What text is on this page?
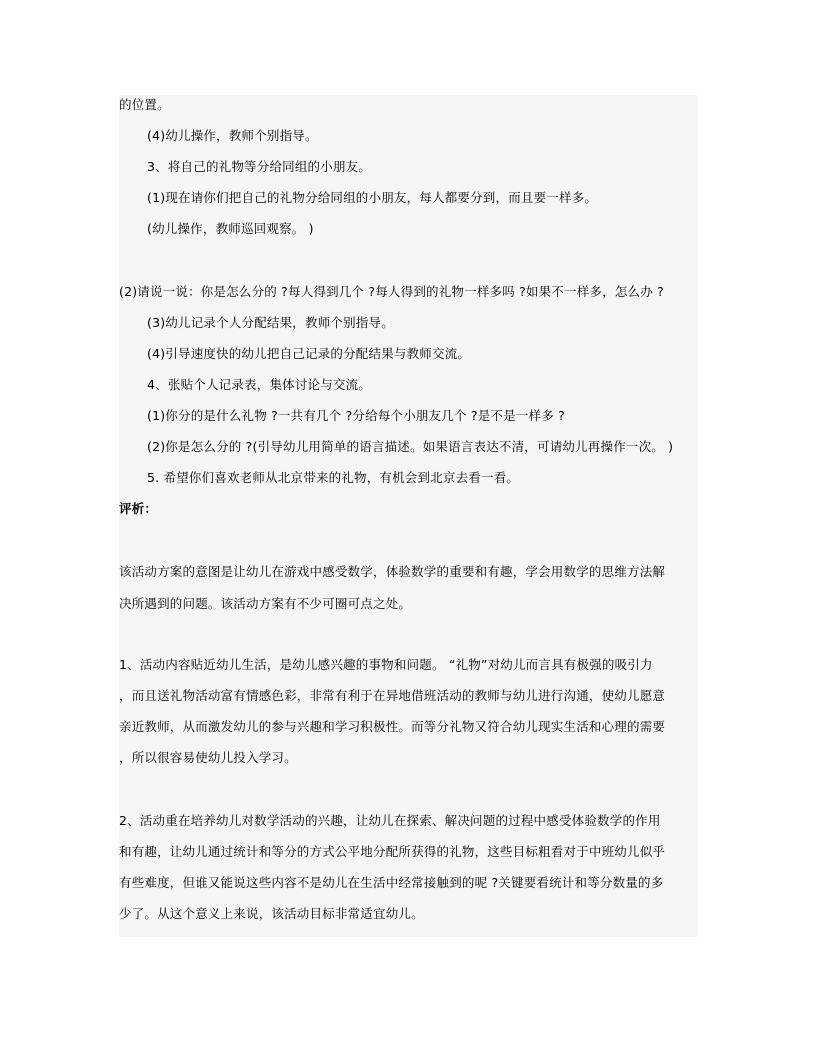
的位置。
(4)幼儿操作，教师个别指导。
3、将自己的礼物等分给同组的小朋友。
(1)现在请你们把自己的礼物分给同组的小朋友，每人都要分到，而且要一样多。
(幼儿操作，教师巡回观察。 )
(2)请说一说：你是怎么分的 ?每人得到几个 ?每人得到的礼物一样多吗 ?如果不一样多，怎么办 ?
(3)幼儿记录个人分配结果，教师个别指导。
(4)引导速度快的幼儿把自己记录的分配结果与教师交流。
4、张贴个人记录表，集体讨论与交流。
(1)你分的是什么礼物 ?一共有几个 ?分给每个小朋友几个 ?是不是一样多 ?
(2)你是怎么分的 ?(引导幼儿用简单的语言描述。如果语言表达不清，可请幼儿再操作一次。 )
5. 希望你们喜欢老师从北京带来的礼物，有机会到北京去看一看。
评析：
该活动方案的意图是让幼儿在游戏中感受数学，体验数学的重要和有趣，学会用数学的思维方法解
决所遇到的问题。该活动方案有不少可圈可点之处。
1、活动内容贴近幼儿生活，是幼儿感兴趣的事物和问题。 “礼物”对幼儿而言具有极强的吸引力
，而且送礼物活动富有情感色彩，非常有利于在异地借班活动的教师与幼儿进行沟通，使幼儿愿意
亲近教师，从而激发幼儿的参与兴趣和学习积极性。而等分礼物又符合幼儿现实生活和心理的需要
，所以很容易使幼儿投入学习。
2、活动重在培养幼儿对数学活动的兴趣，让幼儿在探索、解决问题的过程中感受体验数学的作用
和有趣，让幼儿通过统计和等分的方式公平地分配所获得的礼物，这些目标粗看对于中班幼儿似乎
有些难度，但谁又能说这些内容不是幼儿在生活中经常接触到的呢 ?关键要看统计和等分数量的多
少了。从这个意义上来说，该活动目标非常适宜幼儿。
